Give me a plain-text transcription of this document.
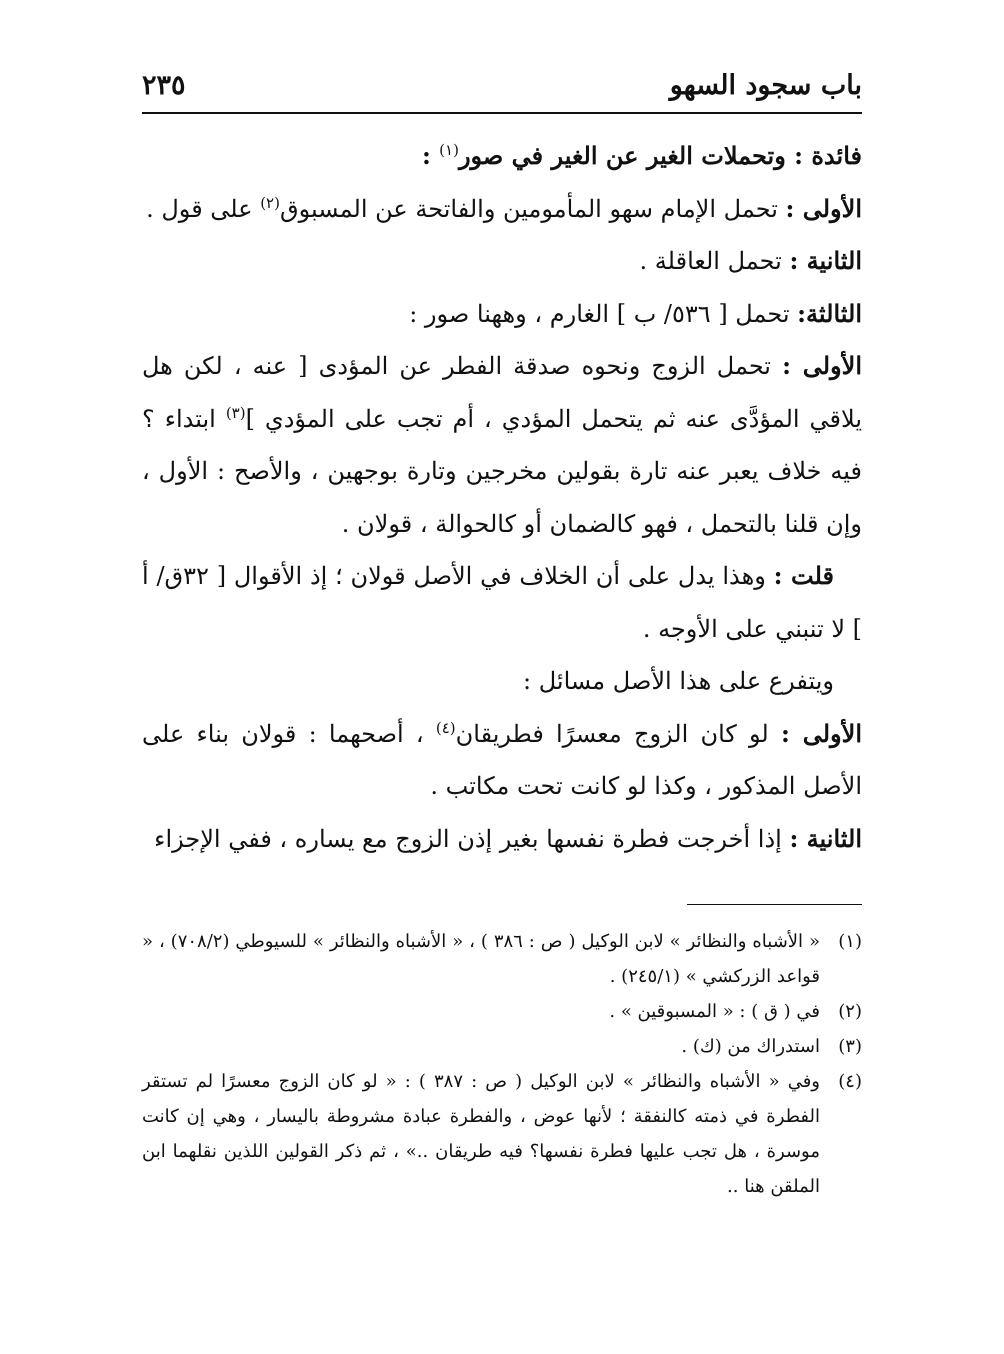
باب سجود السهو
٢٣٥

فائدة : وتحملات الغير عن الغير في صور$^{(١)}$ :

الأولى : تحمل الإمام سهو المأمومين والفاتحة عن المسبوق$^{(٢)}$ على قول .

الثانية : تحمل العاقلة .

الثالثة: تحمل [ ٥٣٦/ ب ] الغارم ، وههنا صور :

الأولى : تحمل الزوج ونحوه صدقة الفطر عن المؤدى [ عنه ، لكن هل يلاقي المؤدَّى عنه ثم يتحمل المؤدي ، أم تجب على المؤدي ]$^{(٣)}$ ابتداء ؟ فيه خلاف يعبر عنه تارة بقولين مخرجين وتارة بوجهين ، والأصح : الأول ، وإن قلنا بالتحمل ، فهو كالضمان أو كالحوالة ، قولان .

قلت : وهذا يدل على أن الخلاف في الأصل قولان ؛ إذ الأقوال [ ٣٢ق/ أ ] لا تنبني على الأوجه .

ويتفرع على هذا الأصل مسائل :

الأولى : لو كان الزوج معسرًا فطريقان$^{(٤)}$ ، أصحهما : قولان بناء على الأصل المذكور ، وكذا لو كانت تحت مكاتب .

الثانية : إذا أخرجت فطرة نفسها بغير إذن الزوج مع يساره ، ففي الإجزاء

(١)
« الأشباه والنظائر » لابن الوكيل ( ص : ٣٨٦ ) ، « الأشباه والنظائر » للسيوطي (٧٠٨/٢) ، « قواعد الزركشي » (٢٤٥/١) .
(٢)
في ( ق ) : « المسبوقين » .
(٣)
استدراك من (ك) .
(٤)
وفي « الأشباه والنظائر » لابن الوكيل ( ص : ٣٨٧ ) : « لو كان الزوج معسرًا لم تستقر الفطرة في ذمته كالنفقة ؛ لأنها عوض ، والفطرة عبادة مشروطة باليسار ، وهي إن كانت موسرة ، هل تجب عليها فطرة نفسها؟ فيه طريقان ..» ، ثم ذكر القولين اللذين نقلهما ابن الملقن هنا ..
